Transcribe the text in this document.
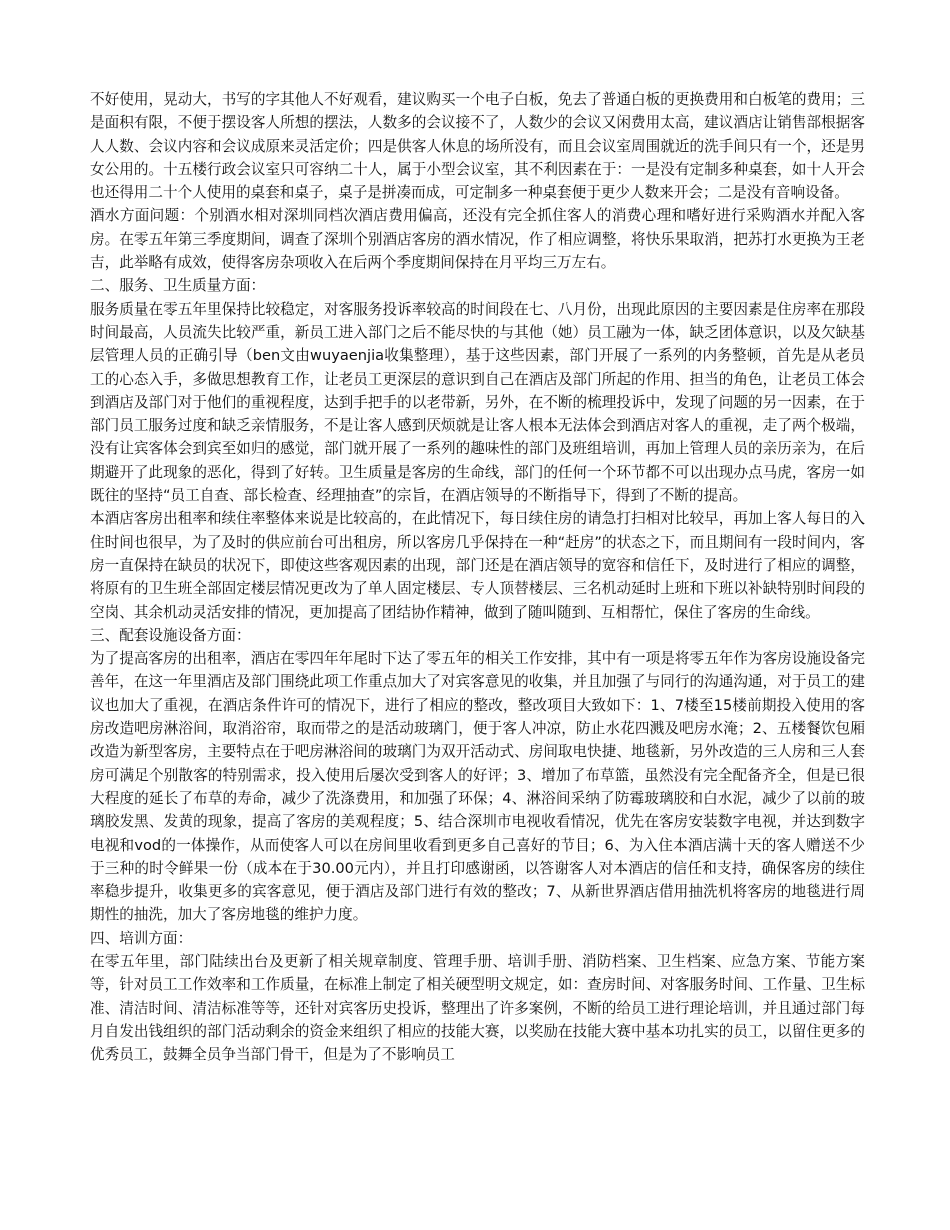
不好使用，晃动大，书写的字其他人不好观看，建议购买一个电子白板，免去了普通白板的更换费用和白板笔的费用；三是面积有限，不便于摆设客人所想的摆法，人数多的会议接不了，人数少的会议又闲费用太高，建议酒店让销售部根据客人人数、会议内容和会议成原来灵活定价；四是供客人休息的场所没有，而且会议室周围就近的洗手间只有一个，还是男女公用的。十五楼行政会议室只可容纳二十人，属于小型会议室，其不利因素在于：一是没有定制多种桌套，如十人开会也还得用二十个人使用的桌套和桌子，桌子是拼凑而成，可定制多一种桌套便于更少人数来开会；二是没有音响设备。

酒水方面问题：个别酒水相对深圳同档次酒店费用偏高，还没有完全抓住客人的消费心理和嗜好进行采购酒水并配入客房。在零五年第三季度期间，调查了深圳个别酒店客房的酒水情况，作了相应调整，将快乐果取消，把苏打水更换为王老吉，此举略有成效，使得客房杂项收入在后两个季度期间保持在月平均三万左右。

二、服务、卫生质量方面：

服务质量在零五年里保持比较稳定，对客服务投诉率较高的时间段在七、八月份，出现此原因的主要因素是住房率在那段时间最高，人员流失比较严重，新员工进入部门之后不能尽快的与其他（她）员工融为一体，缺乏团体意识，以及欠缺基层管理人员的正确引导（ben文由wuyaenjia收集整理），基于这些因素，部门开展了一系列的内务整顿，首先是从老员工的心态入手，多做思想教育工作，让老员工更深层的意识到自己在酒店及部门所起的作用、担当的角色，让老员工体会到酒店及部门对于他们的重视程度，达到手把手的以老带新，另外，在不断的梳理投诉中，发现了问题的另一因素，在于部门员工服务过度和缺乏亲情服务，不是让客人感到厌烦就是让客人根本无法体会到酒店对客人的重视，走了两个极端，没有让宾客体会到宾至如归的感觉，部门就开展了一系列的趣味性的部门及班组培训，再加上管理人员的亲历亲为，在后期避开了此现象的恶化，得到了好转。卫生质量是客房的生命线，部门的任何一个环节都不可以出现办点马虎，客房一如既往的坚持“员工自查、部长检查、经理抽查”的宗旨，在酒店领导的不断指导下，得到了不断的提高。

本酒店客房出租率和续住率整体来说是比较高的，在此情况下，每日续住房的请急打扫相对比较早，再加上客人每日的入住时间也很早，为了及时的供应前台可出租房，所以客房几乎保持在一种“赶房”的状态之下，而且期间有一段时间内，客房一直保持在缺员的状况下，即使这些客观因素的出现，部门还是在酒店领导的宽容和信任下，及时进行了相应的调整，将原有的卫生班全部固定楼层情况更改为了单人固定楼层、专人顶替楼层、三名机动延时上班和下班以补缺特别时间段的空岗、其余机动灵活安排的情况，更加提高了团结协作精神，做到了随叫随到、互相帮忙，保住了客房的生命线。

三、配套设施设备方面：

为了提高客房的出租率，酒店在零四年年尾时下达了零五年的相关工作安排，其中有一项是将零五年作为客房设施设备完善年，在这一年里酒店及部门围绕此项工作重点加大了对宾客意见的收集，并且加强了与同行的沟通沟通，对于员工的建议也加大了重视，在酒店条件许可的情况下，进行了相应的整改，整改项目大致如下：1、7楼至15楼前期投入使用的客房改造吧房淋浴间，取消浴帘，取而带之的是活动玻璃门，便于客人冲凉，防止水花四溅及吧房水淹；2、五楼餐饮包厢改造为新型客房，主要特点在于吧房淋浴间的玻璃门为双开活动式、房间取电快捷、地毯新，另外改造的三人房和三人套房可满足个别散客的特别需求，投入使用后屡次受到客人的好评；3、增加了布草篮，虽然没有完全配备齐全，但是已很大程度的延长了布草的寿命，减少了洗涤费用，和加强了环保；4、淋浴间采纳了防霉玻璃胶和白水泥，减少了以前的玻璃胶发黑、发黄的现象，提高了客房的美观程度；5、结合深圳市电视收看情况，优先在客房安装数字电视，并达到数字电视和vod的一体操作，从而使客人可以在房间里收看到更多自己喜好的节目；6、为入住本酒店满十天的客人赠送不少于三种的时令鲜果一份（成本在于30.00元内），并且打印感谢函，以答谢客人对本酒店的信任和支持，确保客房的续住率稳步提升，收集更多的宾客意见，便于酒店及部门进行有效的整改；7、从新世界酒店借用抽洗机将客房的地毯进行周期性的抽洗，加大了客房地毯的维护力度。

四、培训方面：

在零五年里，部门陆续出台及更新了相关规章制度、管理手册、培训手册、消防档案、卫生档案、应急方案、节能方案等，针对员工工作效率和工作质量，在标准上制定了相关硬型明文规定，如：查房时间、对客服务时间、工作量、卫生标准、清洁时间、清洁标准等等，还针对宾客历史投诉，整理出了许多案例，不断的给员工进行理论培训，并且通过部门每月自发出钱组织的部门活动剩余的资金来组织了相应的技能大赛，以奖励在技能大赛中基本功扎实的员工，以留住更多的优秀员工，鼓舞全员争当部门骨干，但是为了不影响员工
